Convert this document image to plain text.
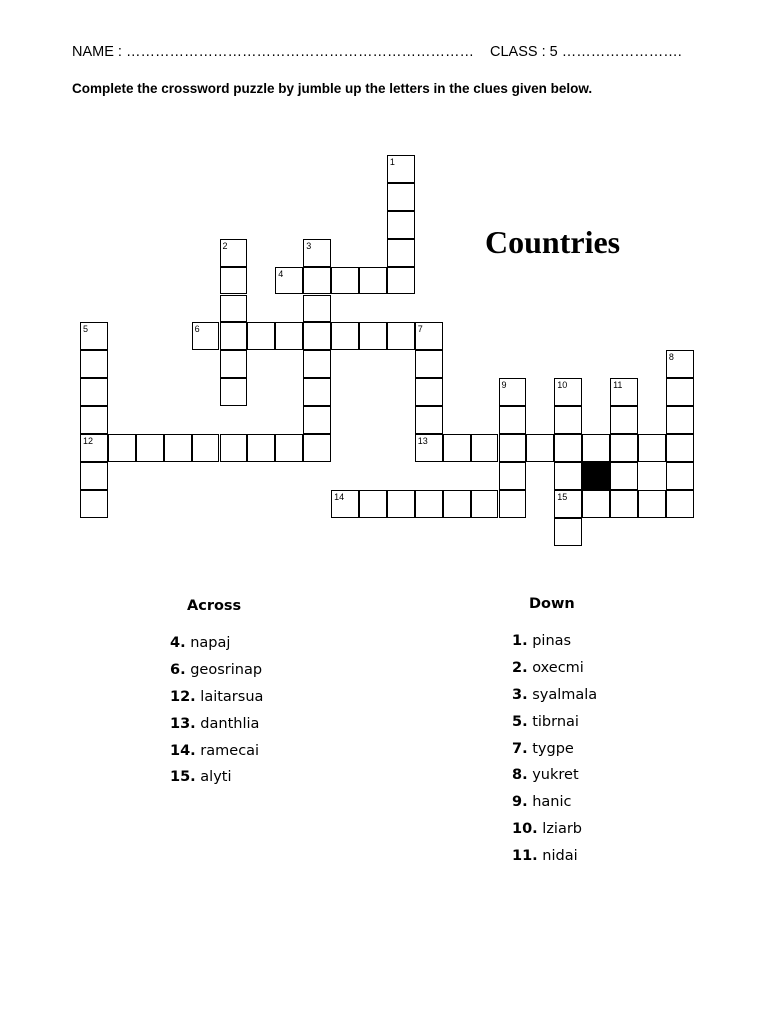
NAME : ……………………………………………………………… CLASS : 5 …………………….
Complete the crossword puzzle by jumble up the letters in the clues given below.
Countries
1
2	3
4
5	6	7
8
9	10	11
12	13
14	15
Across
4. napaj
6. geosrinap
12. laitarsua
13. danthlia
14. ramecai
15. alyti
Down
1. pinas
2. oxecmi
3. syalmala
5. tibrnai
7. tygpe
8. yukret
9. hanic
10. lziarb
11. nidai
